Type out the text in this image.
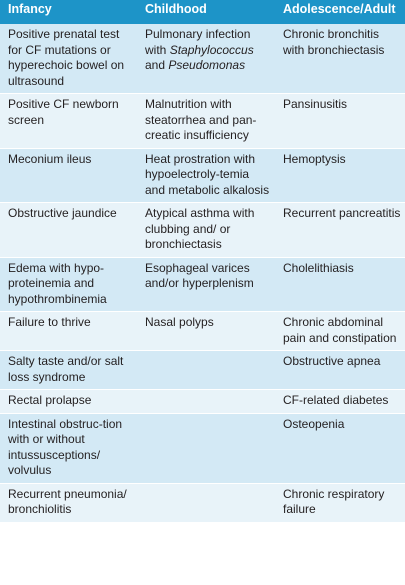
Infancy	Childhood	Adolescence/Adult
Positive prenatal test for CF mutations or hyperechoic bowel on ultrasound	Pulmonary infection with Staphylococcus and Pseudomonas	Chronic bronchitis with bronchiectasis
Positive CF newborn screen	Malnutrition with steatorrhea and pan-creatic insufficiency	Pansinusitis
Meconium ileus	Heat prostration with hypoelectroly-temia and metabolic alkalosis	Hemoptysis
Obstructive jaundice	Atypical asthma with clubbing and/ or bronchiectasis	Recurrent pancreatitis
Edema with hypo-proteinemia and hypothrombinemia	Esophageal varices and/or hyperplenism	Cholelithiasis
Failure to thrive	Nasal polyps	Chronic abdominal pain and constipation
Salty taste and/or salt loss syndrome		Obstructive apnea
Rectal prolapse		CF-related diabetes
Intestinal obstruc-tion with or without intussusceptions/ volvulus		Osteopenia
Recurrent pneumonia/ bronchiolitis		Chronic respiratory failure
